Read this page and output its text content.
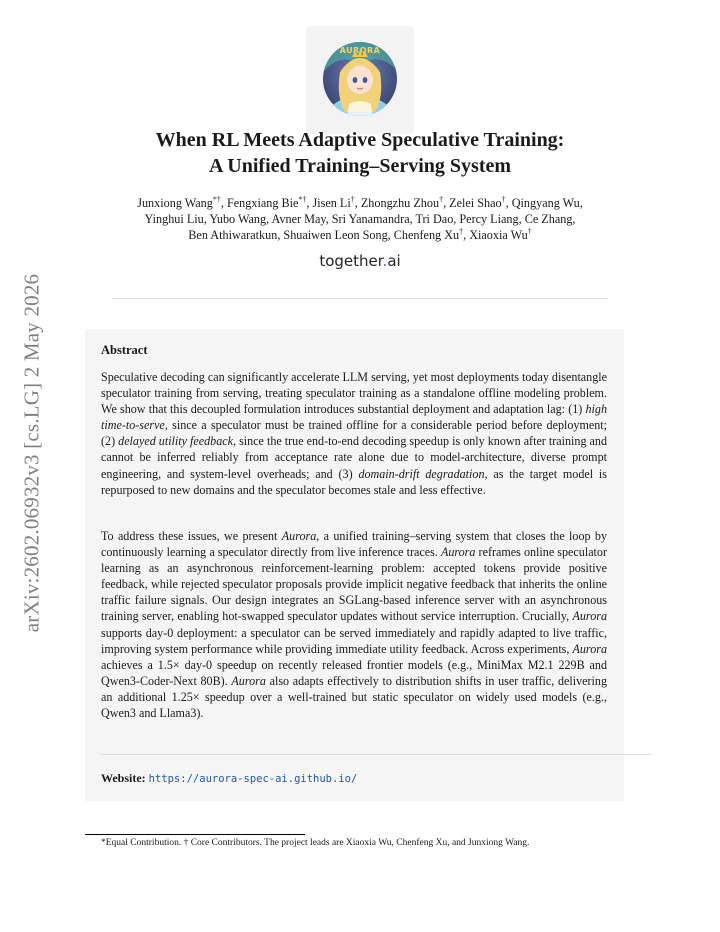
arXiv:2602.06932v3 [cs.LG] 2 May 2026
AURORA
When RL Meets Adaptive Speculative Training:
A Unified Training–Serving System
Junxiong Wang*†, Fengxiang Bie*†, Jisen Li†, Zhongzhu Zhou†, Zelei Shao†, Qingyang Wu,
Yinghui Liu, Yubo Wang, Avner May, Sri Yanamandra, Tri Dao, Percy Liang, Ce Zhang,
Ben Athiwaratkun, Shuaiwen Leon Song, Chenfeng Xu†, Xiaoxia Wu†
together.ai
Abstract
Speculative decoding can significantly accelerate LLM serving, yet most deployments today disentangle speculator training from serving, treating speculator training as a standalone offline modeling problem. We show that this decoupled formulation introduces substantial deployment and adaptation lag: (1) high time-to-serve, since a speculator must be trained offline for a considerable period before deployment; (2) delayed utility feedback, since the true end-to-end decoding speedup is only known after training and cannot be inferred reliably from acceptance rate alone due to model-architecture, diverse prompt engineering, and system-level overheads; and (3) domain-drift degradation, as the target model is repurposed to new domains and the speculator becomes stale and less effective.
To address these issues, we present Aurora, a unified training–serving system that closes the loop by continuously learning a speculator directly from live inference traces. Aurora reframes online speculator learning as an asynchronous reinforcement-learning problem: accepted tokens provide positive feedback, while rejected speculator proposals provide implicit negative feedback that inherits the online traffic failure signals. Our design integrates an SGLang-based inference server with an asynchronous training server, enabling hot-swapped speculator updates without service interruption. Crucially, Aurora supports day-0 deployment: a speculator can be served immediately and rapidly adapted to live traffic, improving system performance while providing immediate utility feedback. Across experiments, Aurora achieves a 1.5× day-0 speedup on recently released frontier models (e.g., MiniMax M2.1 229B and Qwen3-Coder-Next 80B). Aurora also adapts effectively to distribution shifts in user traffic, delivering an additional 1.25× speedup over a well-trained but static speculator on widely used models (e.g., Qwen3 and Llama3).
Website: https://aurora-spec-ai.github.io/
*Equal Contribution. † Core Contributors. The project leads are Xiaoxia Wu, Chenfeng Xu, and Junxiong Wang.
